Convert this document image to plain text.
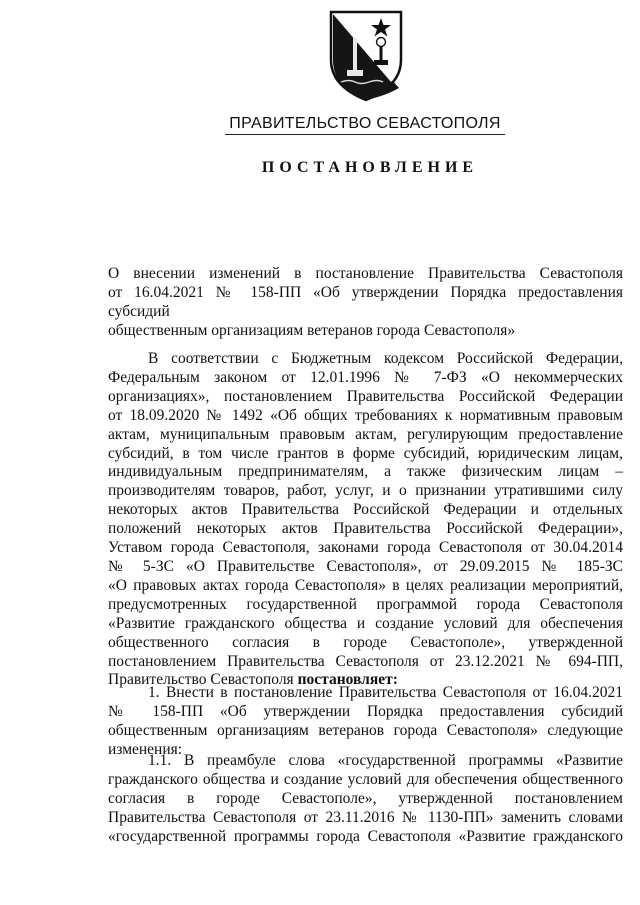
ПРАВИТЕЛЬСТВО СЕВАСТОПОЛЯ
ПОСТАНОВЛЕНИЕ

О внесении изменений в постановление Правительства Севастополя

от 16.04.2021 № 158-ПП «Об утверждении Порядка предоставления субсидий

общественным организациям ветеранов города Севастополя»

В соответствии с Бюджетным кодексом Российской Федерации,

Федеральным законом от 12.01.1996 № 7-ФЗ «О некоммерческих

организациях», постановлением Правительства Российской Федерации

от 18.09.2020 № 1492 «Об общих требованиях к нормативным правовым

актам, муниципальным правовым актам, регулирующим предоставление

субсидий, в том числе грантов в форме субсидий, юридическим лицам,

индивидуальным предпринимателям, а также физическим лицам –

производителям товаров, работ, услуг, и о признании утратившими силу

некоторых актов Правительства Российской Федерации и отдельных

положений некоторых актов Правительства Российской Федерации»,

Уставом города Севастополя, законами города Севастополя от 30.04.2014

№ 5-ЗС «О Правительстве Севастополя», от 29.09.2015 № 185-ЗС

«О правовых актах города Севастополя» в целях реализации мероприятий,

предусмотренных государственной программой города Севастополя

«Развитие гражданского общества и создание условий для обеспечения

общественного согласия в городе Севастополе», утвержденной

постановлением Правительства Севастополя от 23.12.2021 № 694-ПП,

Правительство Севастополя постановляет:

1. Внести в постановление Правительства Севастополя от 16.04.2021

№ 158-ПП «Об утверждении Порядка предоставления субсидий

общественным организациям ветеранов города Севастополя» следующие

изменения:

1.1. В преамбуле слова «государственной программы «Развитие

гражданского общества и создание условий для обеспечения общественного

согласия в городе Севастополе», утвержденной постановлением

Правительства Севастополя от 23.11.2016 № 1130-ПП» заменить словами

«государственной программы города Севастополя «Развитие гражданского
